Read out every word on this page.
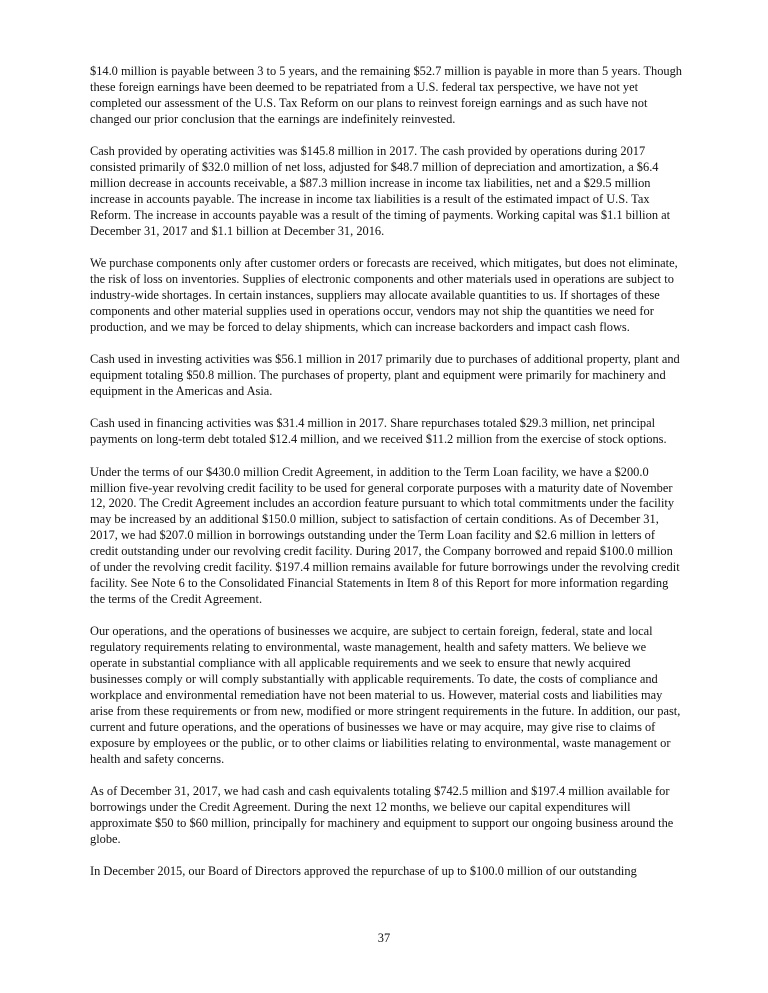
$14.0 million is payable between 3 to 5 years, and the remaining $52.7 million is payable in more than 5 years. Though these foreign earnings have been deemed to be repatriated from a U.S. federal tax perspective, we have not yet completed our assessment of the U.S. Tax Reform on our plans to reinvest foreign earnings and as such have not changed our prior conclusion that the earnings are indefinitely reinvested.

Cash provided by operating activities was $145.8 million in 2017. The cash provided by operations during 2017 consisted primarily of $32.0 million of net loss, adjusted for $48.7 million of depreciation and amortization, a $6.4 million decrease in accounts receivable, a $87.3 million increase in income tax liabilities, net and a $29.5 million increase in accounts payable. The increase in income tax liabilities is a result of the estimated impact of U.S. Tax Reform. The increase in accounts payable was a result of the timing of payments. Working capital was $1.1 billion at December 31, 2017 and $1.1 billion at December 31, 2016.

We purchase components only after customer orders or forecasts are received, which mitigates, but does not eliminate, the risk of loss on inventories. Supplies of electronic components and other materials used in operations are subject to industry-wide shortages. In certain instances, suppliers may allocate available quantities to us. If shortages of these components and other material supplies used in operations occur, vendors may not ship the quantities we need for production, and we may be forced to delay shipments, which can increase backorders and impact cash flows.

Cash used in investing activities was $56.1 million in 2017 primarily due to purchases of additional property, plant and equipment totaling $50.8 million. The purchases of property, plant and equipment were primarily for machinery and equipment in the Americas and Asia.

Cash used in financing activities was $31.4 million in 2017. Share repurchases totaled $29.3 million, net principal payments on long-term debt totaled $12.4 million, and we received $11.2 million from the exercise of stock options.

Under the terms of our $430.0 million Credit Agreement, in addition to the Term Loan facility, we have a $200.0 million five-year revolving credit facility to be used for general corporate purposes with a maturity date of November 12, 2020. The Credit Agreement includes an accordion feature pursuant to which total commitments under the facility may be increased by an additional $150.0 million, subject to satisfaction of certain conditions. As of December 31, 2017, we had $207.0 million in borrowings outstanding under the Term Loan facility and $2.6 million in letters of credit outstanding under our revolving credit facility. During 2017, the Company borrowed and repaid $100.0 million of under the revolving credit facility. $197.4 million remains available for future borrowings under the revolving credit facility. See Note 6 to the Consolidated Financial Statements in Item 8 of this Report for more information regarding the terms of the Credit Agreement.

Our operations, and the operations of businesses we acquire, are subject to certain foreign, federal, state and local regulatory requirements relating to environmental, waste management, health and safety matters. We believe we operate in substantial compliance with all applicable requirements and we seek to ensure that newly acquired businesses comply or will comply substantially with applicable requirements. To date, the costs of compliance and workplace and environmental remediation have not been material to us. However, material costs and liabilities may arise from these requirements or from new, modified or more stringent requirements in the future. In addition, our past, current and future operations, and the operations of businesses we have or may acquire, may give rise to claims of exposure by employees or the public, or to other claims or liabilities relating to environmental, waste management or health and safety concerns.

As of December 31, 2017, we had cash and cash equivalents totaling $742.5 million and $197.4 million available for borrowings under the Credit Agreement. During the next 12 months, we believe our capital expenditures will approximate $50 to $60 million, principally for machinery and equipment to support our ongoing business around the globe.

In December 2015, our Board of Directors approved the repurchase of up to $100.0 million of our outstanding

37
